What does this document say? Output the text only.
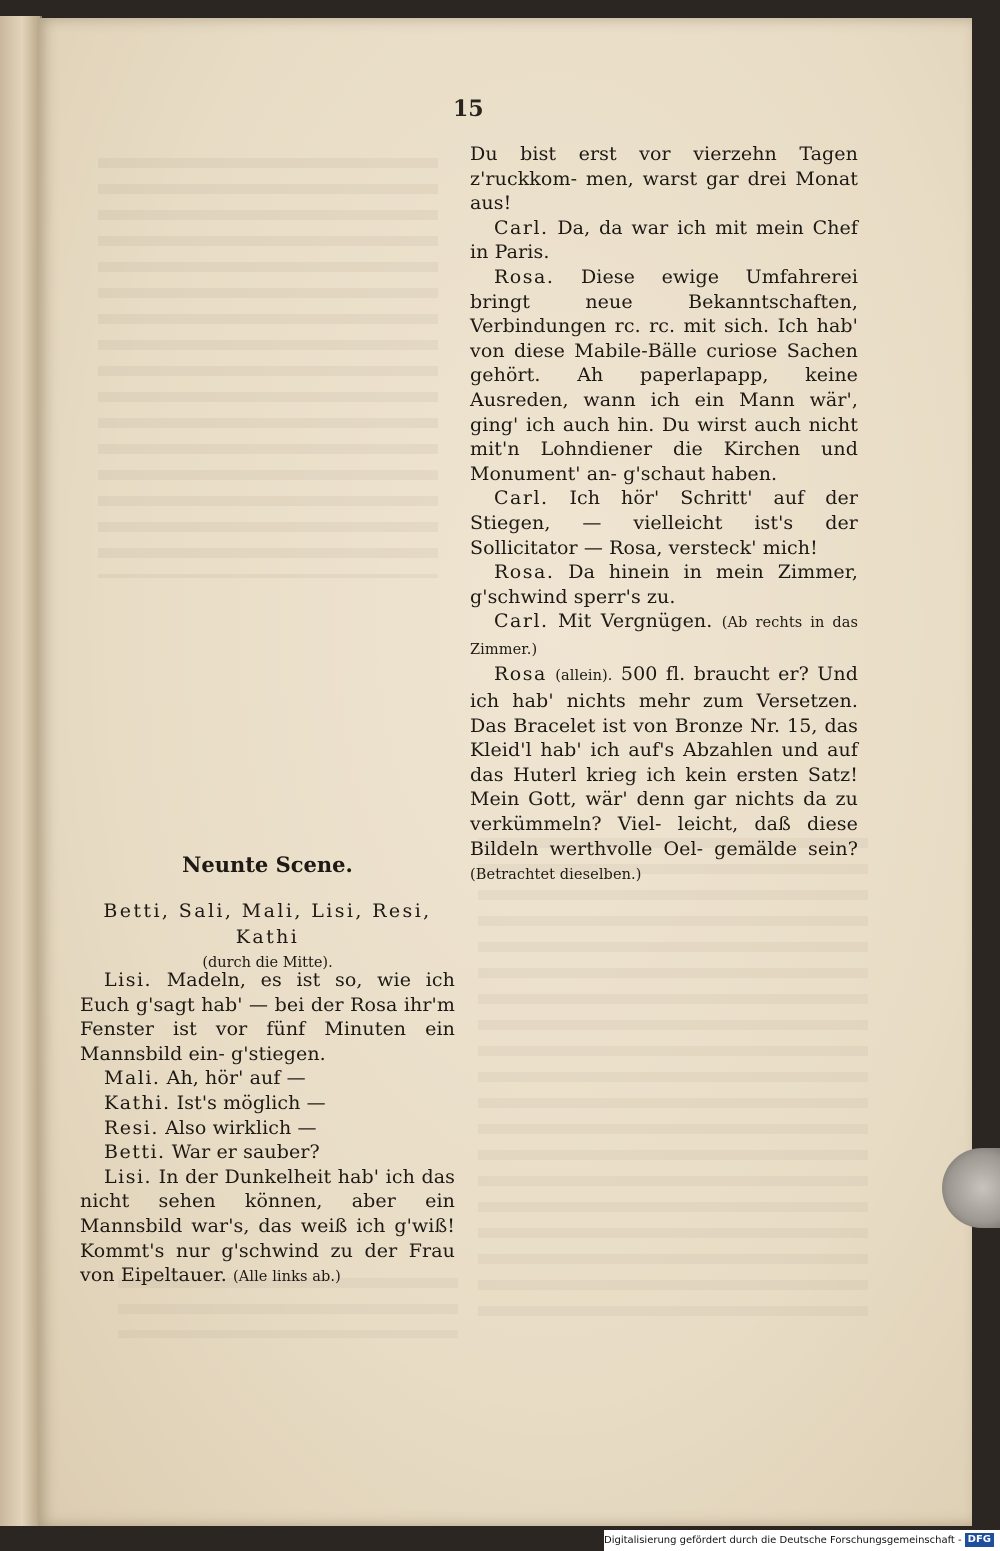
15

Du bist erst vor vierzehn Tagen z'ruckkom- men, warst gar drei Monat aus!

Carl. Da, da war ich mit mein Chef in Paris.

Rosa. Diese ewige Umfahrerei bringt neue Bekanntschaften, Verbindungen rc. rc. mit sich. Ich hab' von diese Mabile-Bälle curiose Sachen gehört. Ah paperlapapp, keine Ausreden, wann ich ein Mann wär', ging' ich auch hin. Du wirst auch nicht mit'n Lohndiener die Kirchen und Monument' an- g'schaut haben.

Carl. Ich hör' Schritt' auf der Stiegen, — vielleicht ist's der Sollicitator — Rosa, versteck' mich!

Rosa. Da hinein in mein Zimmer, g'schwind sperr's zu.

Carl. Mit Vergnügen. (Ab rechts in das Zimmer.)

Rosa (allein). 500 fl. braucht er? Und ich hab' nichts mehr zum Versetzen. Das Bracelet ist von Bronze Nr. 15, das Kleid'l hab' ich auf's Abzahlen und auf das Huterl krieg ich kein ersten Satz! Mein Gott, wär' denn gar nichts da zu verkümmeln? Viel- leicht, daß diese Bildeln werthvolle Oel- gemälde sein? (Betrachtet dieselben.)

Neunte Scene.
Betti, Sali, Mali, Lisi, Resi, Kathi
(durch die Mitte).

Lisi. Madeln, es ist so, wie ich Euch g'sagt hab' — bei der Rosa ihr'm Fenster ist vor fünf Minuten ein Mannsbild ein- g'stiegen.

Mali. Ah, hör' auf —

Kathi. Ist's möglich —

Resi. Also wirklich —

Betti. War er sauber?

Lisi. In der Dunkelheit hab' ich das nicht sehen können, aber ein Mannsbild war's, das weiß ich g'wiß! Kommt's nur g'schwind zu der Frau von Eipeltauer. (Alle links ab.)

Digitalisierung gefördert durch die Deutsche Forschungsgemeinschaft - DFG
